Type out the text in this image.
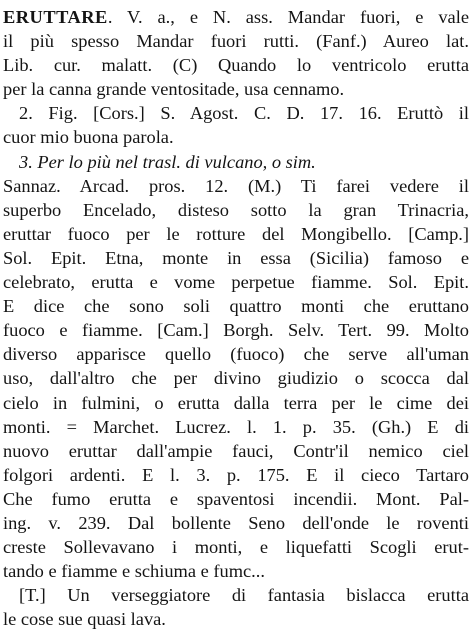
ERUTTARE. V. a., e N. ass. Mandar fuori, e vale
il più spesso Mandar fuori rutti. (Fanf.) Aureo lat.
Lib. cur. malatt. (C) Quando lo ventricolo erutta
per la canna grande ventositade, usa cennamo.
2. Fig. [Cors.] S. Agost. C. D. 17. 16. Eruttò il
cuor mio buona parola.
3. Per lo più nel trasl. di vulcano, o sim.
Sannaz. Arcad. pros. 12. (M.) Ti farei vedere il
superbo Encelado, disteso sotto la gran Trinacria,
eruttar fuoco per le rotture del Mongibello. [Camp.]
Sol. Epit. Etna, monte in essa (Sicilia) famoso e
celebrato, erutta e vome perpetue fiamme. Sol. Epit.
E dice che sono soli quattro monti che eruttano
fuoco e fiamme. [Cam.] Borgh. Selv. Tert. 99. Molto
diverso apparisce quello (fuoco) che serve all'uman
uso, dall'altro che per divino giudizio o scocca dal
cielo in fulmini, o erutta dalla terra per le cime dei
monti. = Marchet. Lucrez. l. 1. p. 35. (Gh.) E di
nuovo eruttar dall'ampie fauci, Contr'il nemico ciel
folgori ardenti. E l. 3. p. 175. E il cieco Tartaro
Che fumo erutta e spaventosi incendii. Mont. Pal-
ing. v. 239. Dal bollente Seno dell'onde le roventi
creste Sollevavano i monti, e liquefatti Scogli erut-
tando e fiamme e schiuma e fumc...
[T.] Un verseggiatore di fantasia bislacca erutta
le cose sue quasi lava.
